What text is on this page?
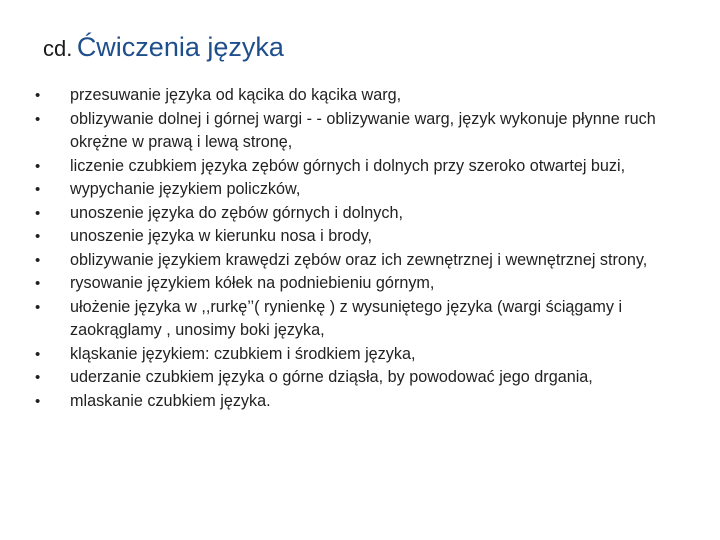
cd. Ćwiczenia języka
• przesuwanie języka od kącika do kącika warg,
• oblizywanie dolnej i górnej wargi - - oblizywanie warg, język wykonuje płynne ruch okrężne w prawą i lewą stronę,
• liczenie czubkiem języka zębów górnych i dolnych przy szeroko otwartej buzi,
• wypychanie językiem policzków,
• unoszenie języka do zębów górnych i dolnych,
• unoszenie języka w kierunku nosa i brody,
• oblizywanie językiem krawędzi zębów oraz ich zewnętrznej i wewnętrznej strony,
• rysowanie językiem kółek na podniebieniu górnym,
• ułożenie języka w ,,rurkę’’( rynienkę ) z wysuniętego języka (wargi ściągamy i zaokrąglamy , unosimy boki języka,
• kląskanie językiem: czubkiem i środkiem języka,
• uderzanie czubkiem języka o górne dziąsła, by powodować jego drgania,
• mlaskanie czubkiem języka.
